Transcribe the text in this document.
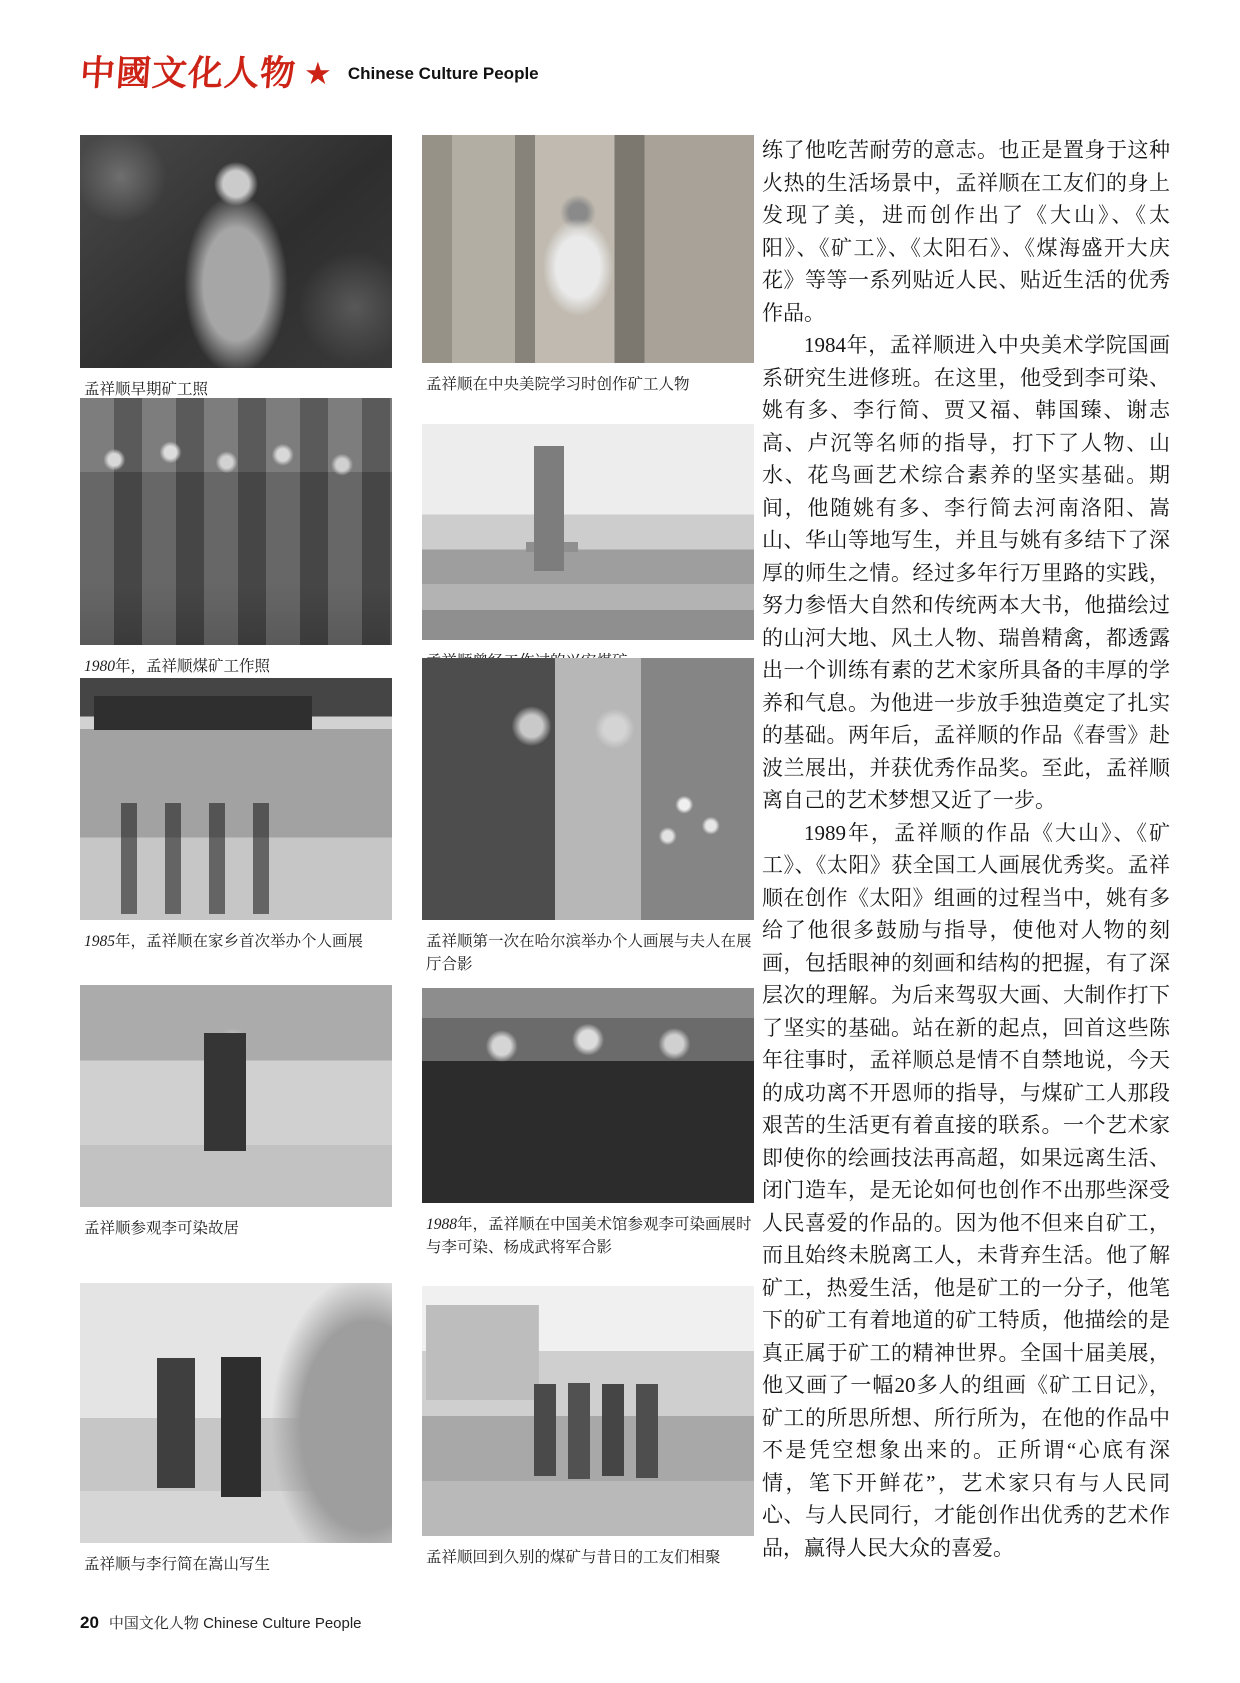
中國文化人物 ★ Chinese Culture People
孟祥顺早期矿工照	孟祥顺在中央美院学习时创作矿工人物
1980年，孟祥顺煤矿工作照
1985年，孟祥顺在家乡首次举办个人画展	孟祥顺第一次在哈尔滨举办个人画展与夫人在展厅合影
孟祥顺参观李可染故居	1988年，孟祥顺在中国美术馆参观李可染画展时与李可染、杨成武将军合影
孟祥顺与李行简在嵩山写生	孟祥顺回到久别的煤矿与昔日的工友们相聚

练了他吃苦耐劳的意志。也正是置身于这种火热的生活场景中，孟祥顺在工友们的身上发现了美，进而创作出了《大山》、《太阳》、《矿工》、《太阳石》、《煤海盛开大庆花》等等一系列贴近人民、贴近生活的优秀作品。

1984年，孟祥顺进入中央美术学院国画系研究生进修班。在这里，他受到李可染、姚有多、李行简、贾又福、韩国臻、谢志高、卢沉等名师的指导，打下了人物、山水、花鸟画艺术综合素养的坚实基础。期间，他随姚有多、李行简去河南洛阳、嵩山、华山等地写生，并且与姚有多结下了深厚的师生之情。经过多年行万里路的实践，努力参悟大自然和传统两本大书，他描绘过的山河大地、风土人物、瑞兽精禽，都透露出一个训练有素的艺术家所具备的丰厚的学养和气息。为他进一步放手独造奠定了扎实的基础。两年后，孟祥顺的作品《春雪》赴波兰展出，并获优秀作品奖。至此，孟祥顺离自己的艺术梦想又近了一步。

1989年，孟祥顺的作品《大山》、《矿工》、《太阳》获全国工人画展优秀奖。孟祥顺在创作《太阳》组画的过程当中，姚有多给了他很多鼓励与指导，使他对人物的刻画，包括眼神的刻画和结构的把握，有了深层次的理解。为后来驾驭大画、大制作打下了坚实的基础。站在新的起点，回首这些陈年往事时，孟祥顺总是情不自禁地说，今天的成功离不开恩师的指导，与煤矿工人那段艰苦的生活更有着直接的联系。一个艺术家即使你的绘画技法再高超，如果远离生活、闭门造车，是无论如何也创作不出那些深受人民喜爱的作品的。因为他不但来自矿工，而且始终未脱离工人，未背弃生活。他了解矿工，热爱生活，他是矿工的一分子，他笔下的矿工有着地道的矿工特质，他描绘的是真正属于矿工的精神世界。全国十届美展，他又画了一幅20多人的组画《矿工日记》，矿工的所思所想、所行所为，在他的作品中不是凭空想象出来的。正所谓“心底有深情，笔下开鲜花”，艺术家只有与人民同心、与人民同行，才能创作出优秀的艺术作品，赢得人民大众的喜爱。

20 中国文化人物 Chinese Culture People
